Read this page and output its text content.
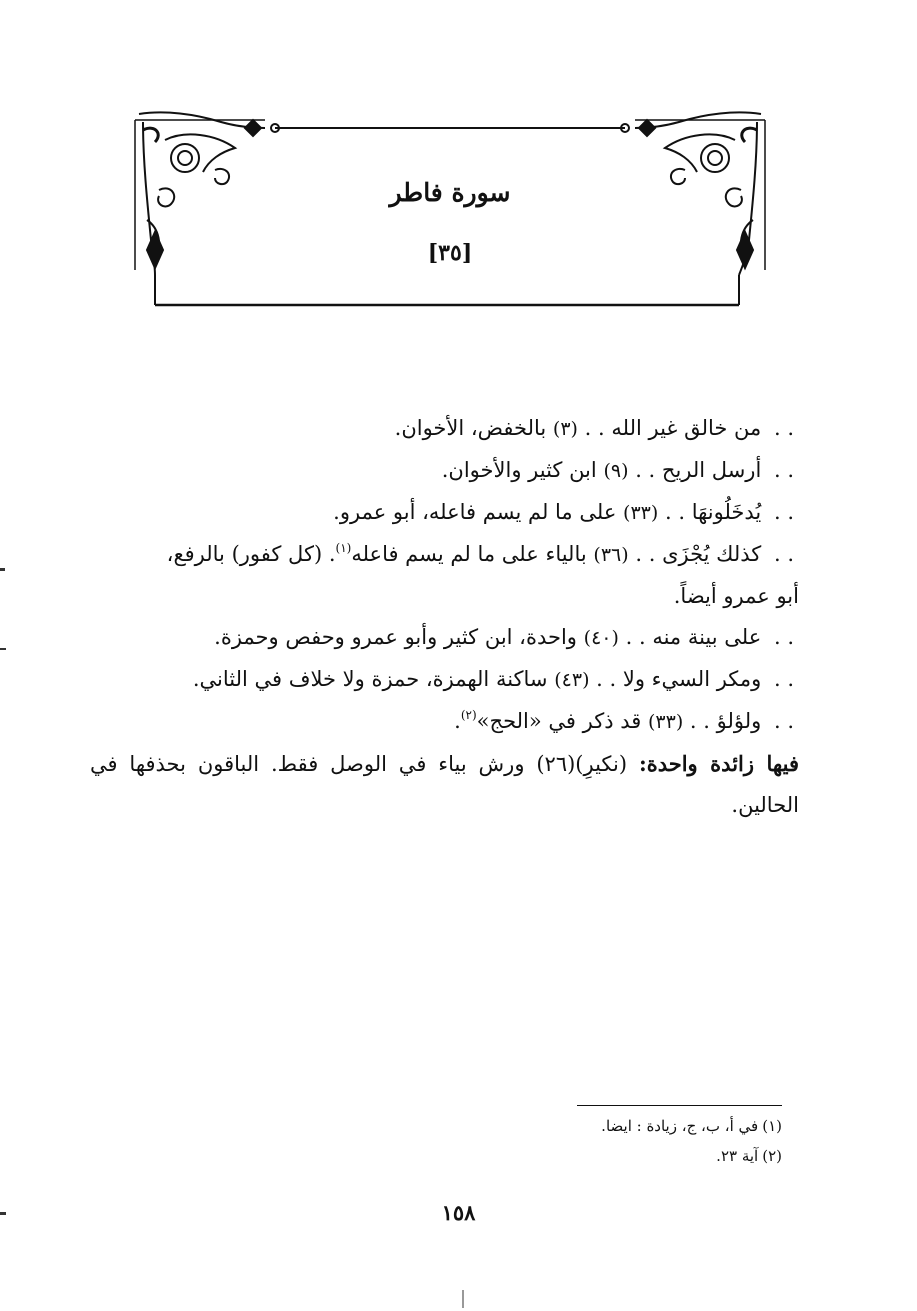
سورة فاطر
[٣٥]
. . من خالق غير الله . . (٣) بالخفض، الأخوان.
. . أرسل الريح . . (٩) ابن كثير والأخوان.
. . يُدخَلُونهَا . . (٣٣) على ما لم يسم فاعله، أبو عمرو.
. . كذلك يُجْزَى . . (٣٦) بالياء على ما لم يسم فاعله$^{(١)}$. (كل كفور) بالرفع،
أبو عمرو أيضاً.
. . على بينة منه . . (٤٠) واحدة، ابن كثير وأبو عمرو وحفص وحمزة.
. . ومكر السيء ولا . . (٤٣) ساكنة الهمزة، حمزة ولا خلاف في الثاني.
. . ولؤلؤ . . (٣٣) قد ذكر في «الحج»$^{(٢)}$.
فيها زائدة واحدة: (نكيرِ)(٢٦) ورش بياء في الوصل فقط. الباقون بحذفها في
الحالين.
(١)في أ، ب، ج، زيادة : ايضا.
(٢)آية ٢٣.
١٥٨
